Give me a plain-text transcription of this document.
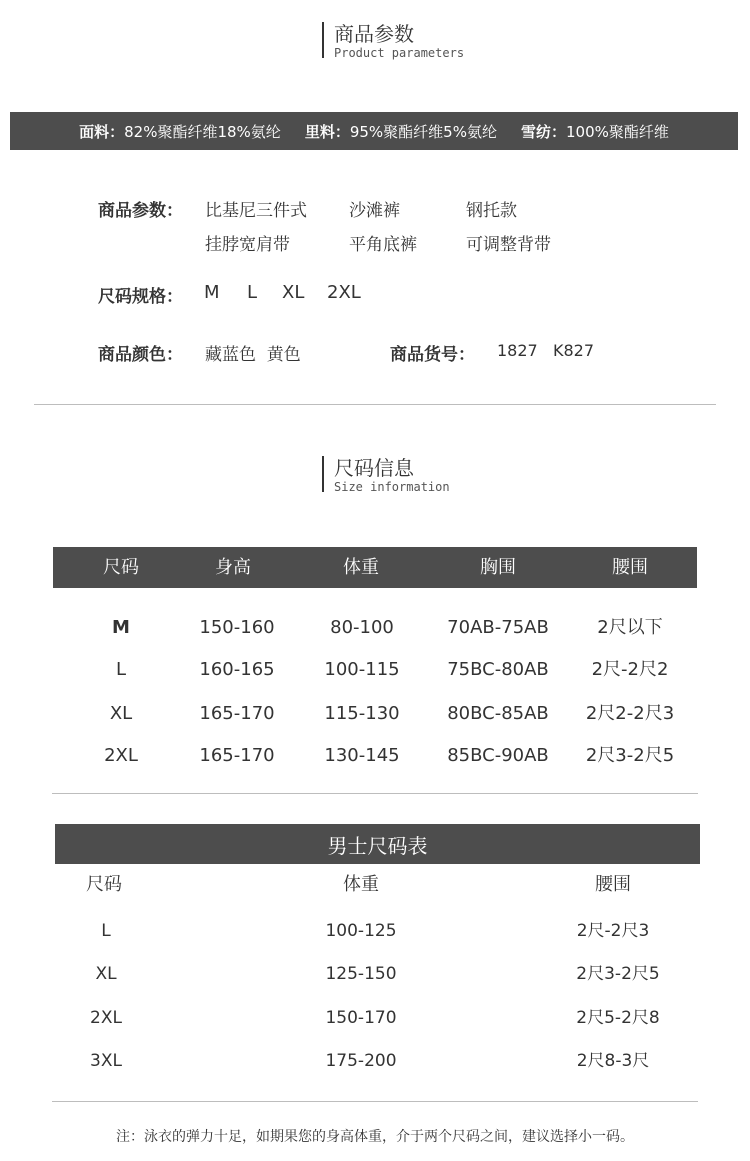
商品参数
Product parameters
面料：82%聚酯纤维18%氨纶 里料：95%聚酯纤维5%氨纶 雪纺：100%聚酯纤维
商品参数： 比基尼三件式 沙滩裤	钢托款
挂脖宽肩带	平角底裤	可调整背带
尺码规格： M L XL 2XL
商品颜色： 藏蓝色  黄色	商品货号： 1827   K827
尺码信息
Size information
尺码	身高	体重	胸围	腰围
M	150-160	80-100	70AB-75AB	2尺以下
L	160-165	100-115	75BC-80AB 2尺-2尺2
XL	165-170	115-130	80BC-85AB 2尺2-2尺3
2XL	165-170	130-145	85BC-90AB 2尺3-2尺5
男士尺码表
尺码	体重	腰围
L	100-125	2尺-2尺3
XL	125-150	2尺3-2尺5
2XL	150-170	2尺5-2尺8
3XL	175-200	2尺8-3尺
注：泳衣的弹力十足，如期果您的身高体重，介于两个尺码之间，建议选择小一码。
